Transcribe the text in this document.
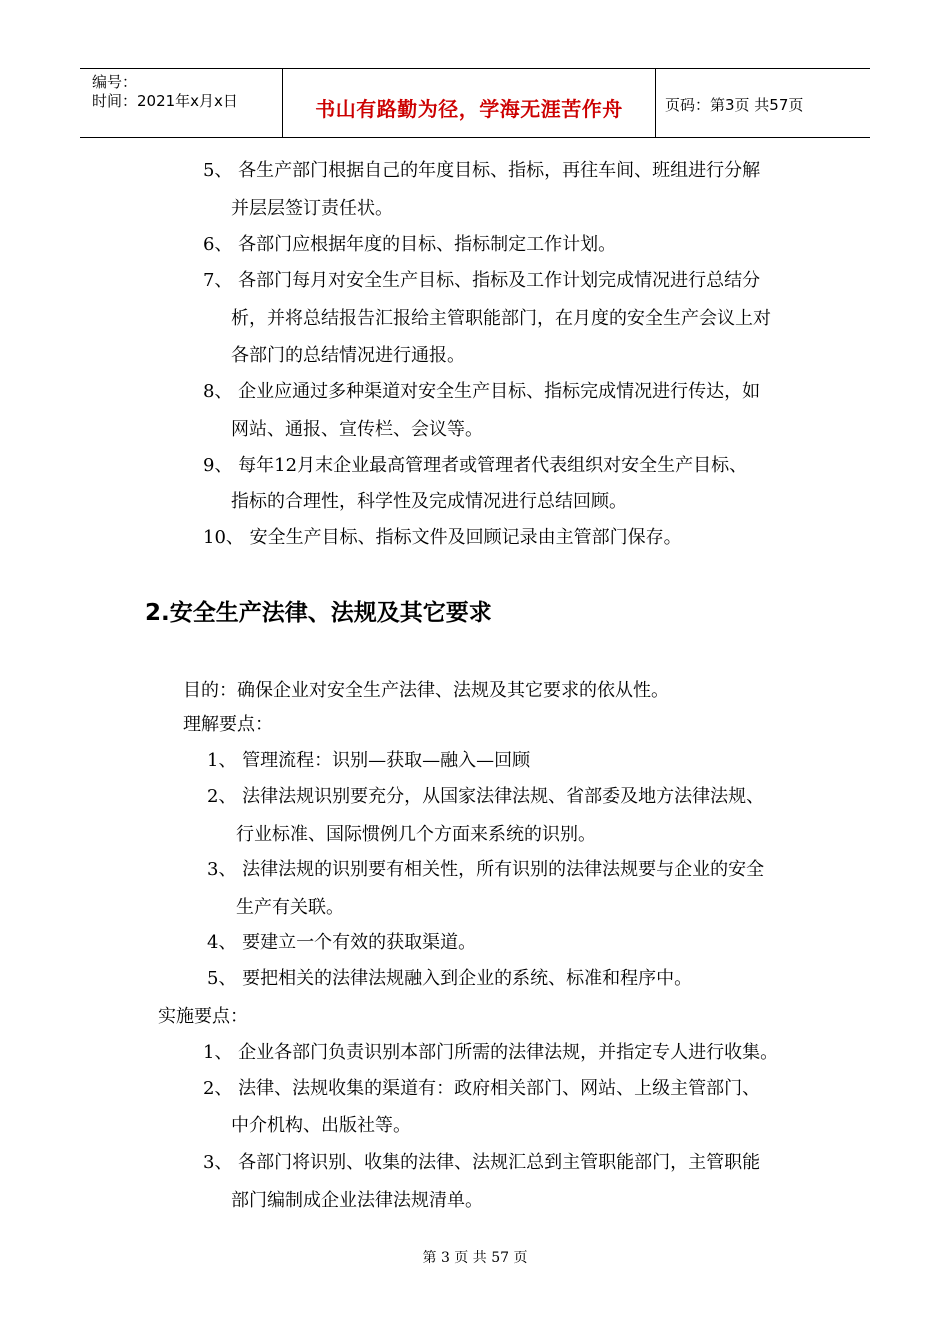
编号：
时间：2021年x月x日	书山有路勤为径，学海无涯苦作舟	页码：第3页 共57页
5、 各生产部门根据自己的年度目标、指标，再往车间、班组进行分解
并层层签订责任状。
6、 各部门应根据年度的目标、指标制定工作计划。
7、 各部门每月对安全生产目标、指标及工作计划完成情况进行总结分
析，并将总结报告汇报给主管职能部门，在月度的安全生产会议上对
各部门的总结情况进行通报。
8、 企业应通过多种渠道对安全生产目标、指标完成情况进行传达，如
网站、通报、宣传栏、会议等。
9、 每年12月末企业最高管理者或管理者代表组织对安全生产目标、
指标的合理性，科学性及完成情况进行总结回顾。
10、 安全生产目标、指标文件及回顾记录由主管部门保存。
2.安全生产法律、法规及其它要求
目的：确保企业对安全生产法律、法规及其它要求的依从性。
理解要点：
1、 管理流程：识别—获取—融入—回顾
2、 法律法规识别要充分，从国家法律法规、省部委及地方法律法规、
行业标准、国际惯例几个方面来系统的识别。
3、 法律法规的识别要有相关性，所有识别的法律法规要与企业的安全
生产有关联。
4、 要建立一个有效的获取渠道。
5、 要把相关的法律法规融入到企业的系统、标准和程序中。
实施要点：
1、 企业各部门负责识别本部门所需的法律法规，并指定专人进行收集。
2、 法律、法规收集的渠道有：政府相关部门、网站、上级主管部门、
中介机构、出版社等。
3、 各部门将识别、收集的法律、法规汇总到主管职能部门，主管职能
部门编制成企业法律法规清单。
第 3 页 共 57 页
